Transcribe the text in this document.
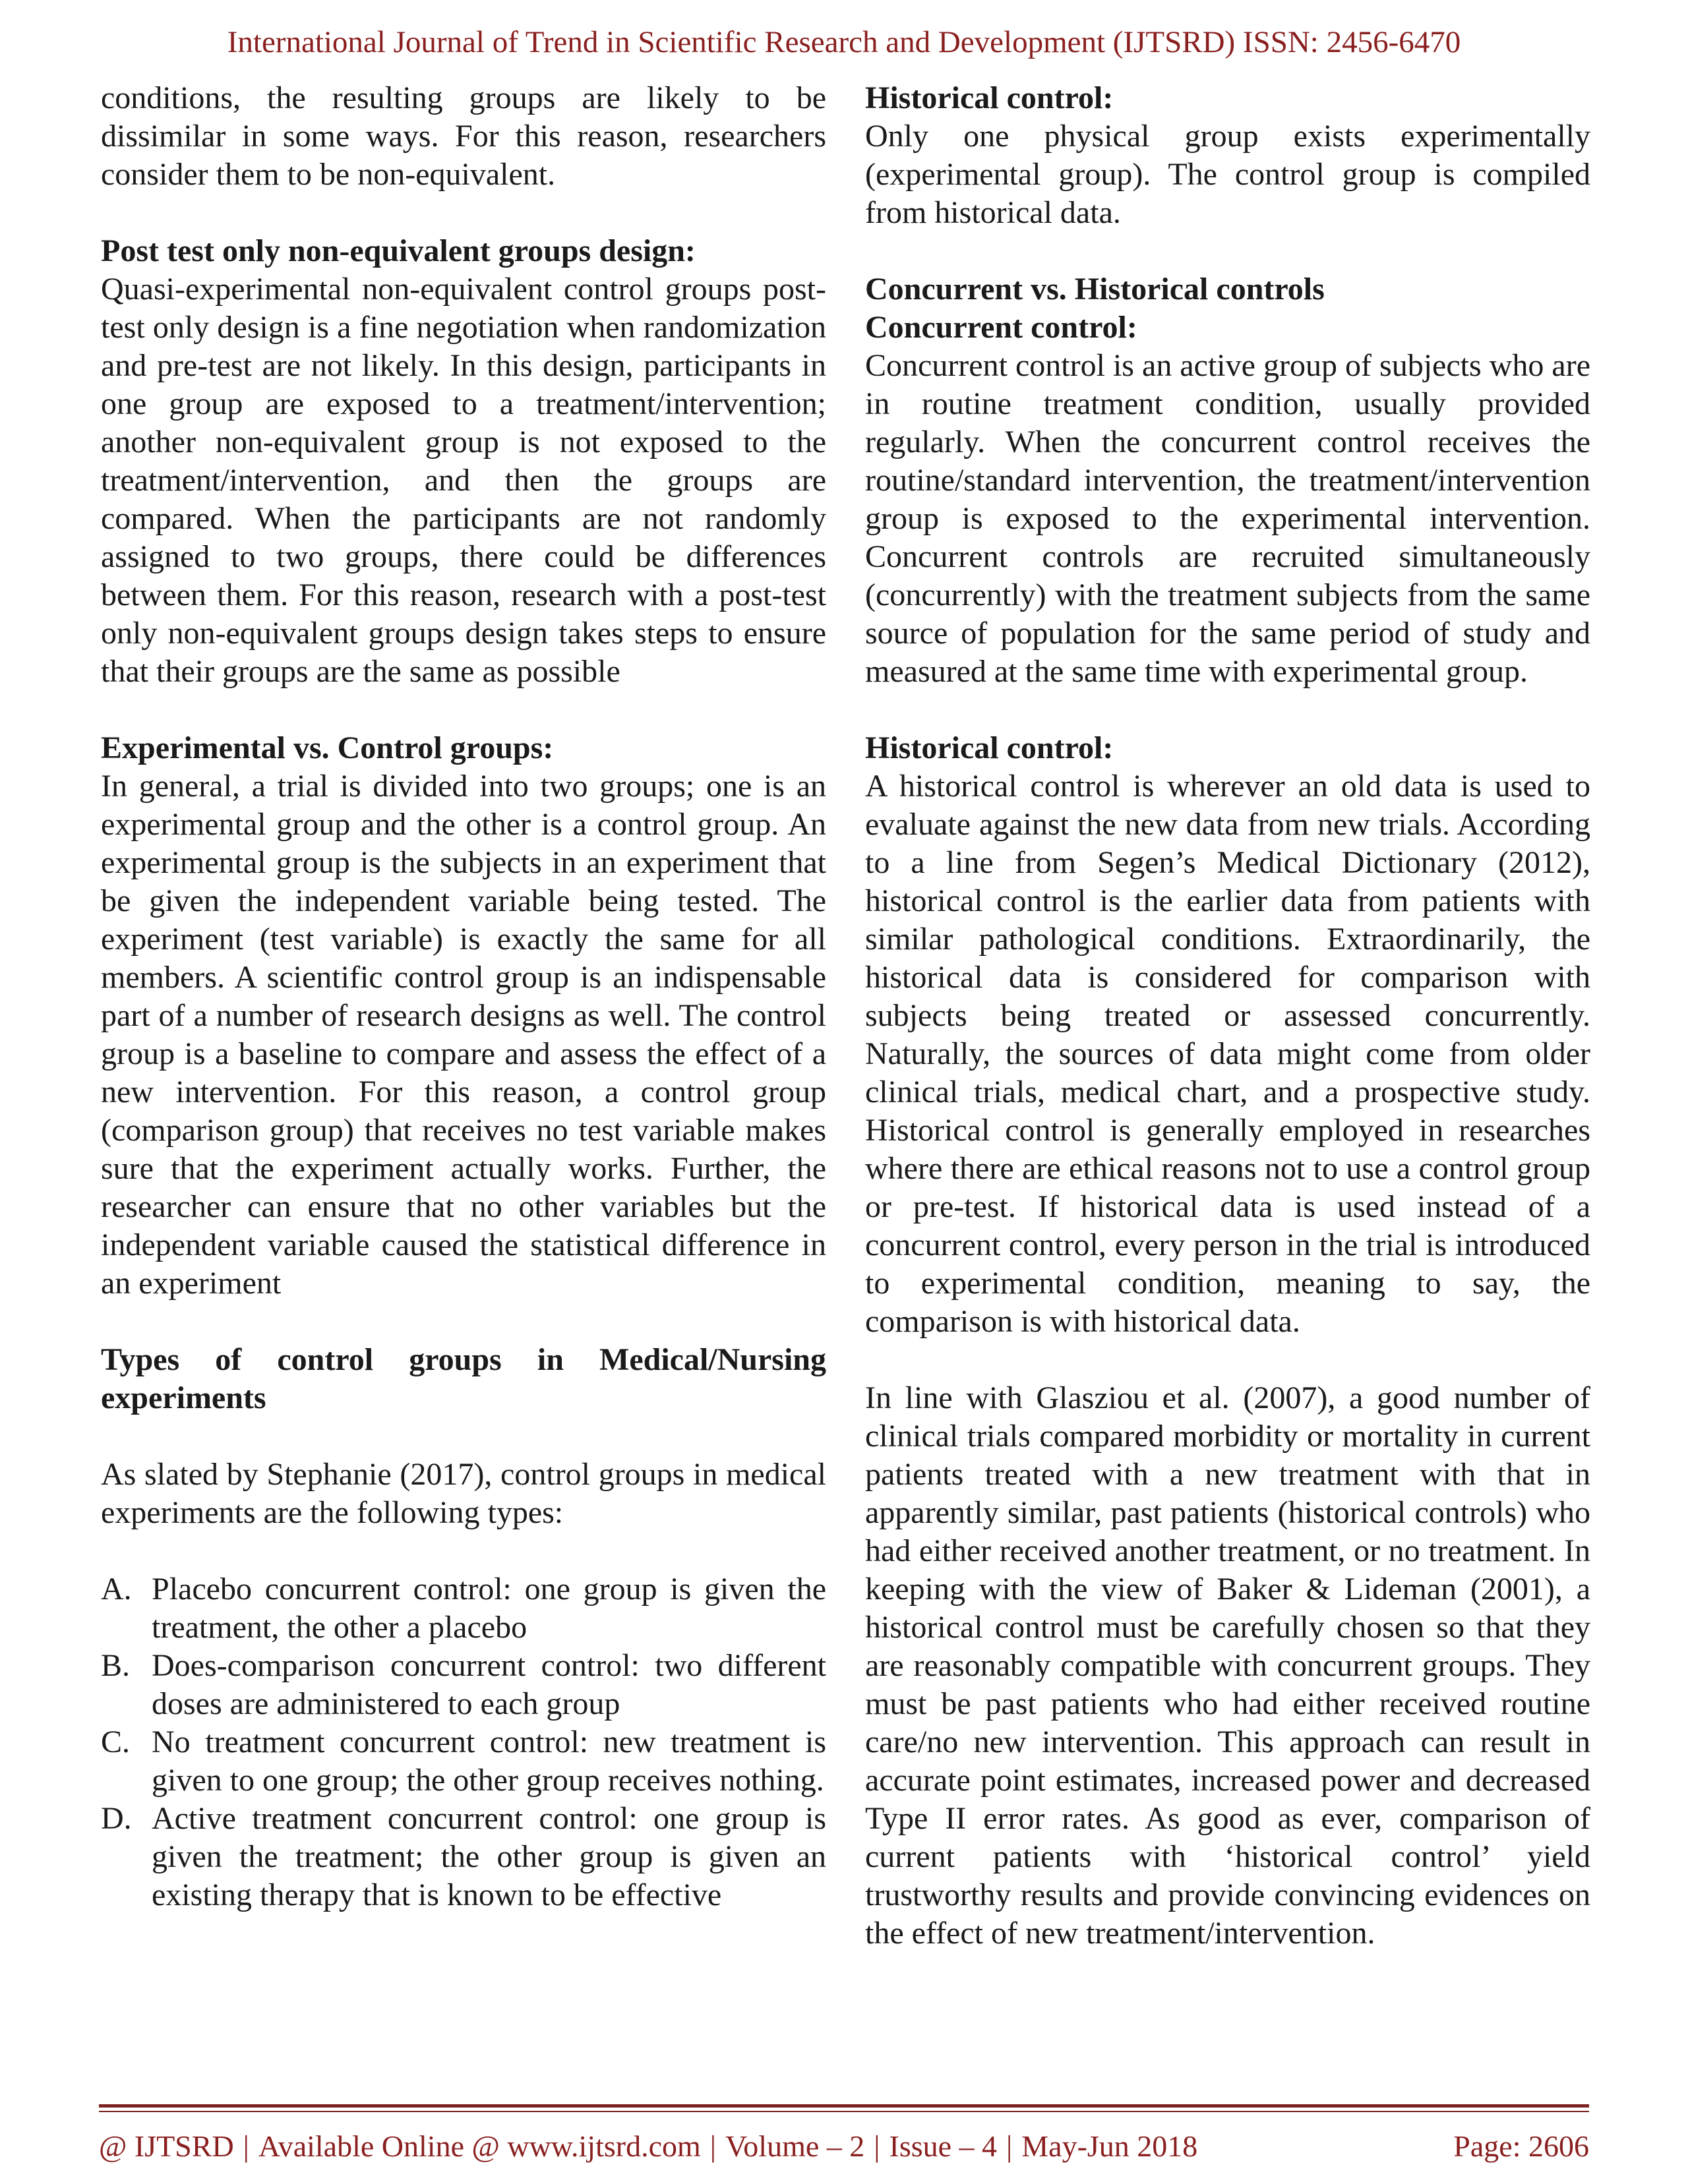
International Journal of Trend in Scientific Research and Development (IJTSRD) ISSN: 2456-6470

conditions, the resulting groups are likely to be dissimilar in some ways. For this reason, researchers consider them to be non-equivalent.

Post test only non-equivalent groups design:

Quasi-experimental non-equivalent control groups post-test only design is a fine negotiation when randomization and pre-test are not likely. In this design, participants in one group are exposed to a treatment/intervention; another non-equivalent group is not exposed to the treatment/intervention, and then the groups are compared. When the participants are not randomly assigned to two groups, there could be differences between them. For this reason, research with a post-test only non-equivalent groups design takes steps to ensure that their groups are the same as possible

Experimental vs. Control groups:

In general, a trial is divided into two groups; one is an experimental group and the other is a control group. An experimental group is the subjects in an experiment that be given the independent variable being tested. The experiment (test variable) is exactly the same for all members. A scientific control group is an indispensable part of a number of research designs as well. The control group is a baseline to compare and assess the effect of a new intervention. For this reason, a control group (comparison group) that receives no test variable makes sure that the experiment actually works. Further, the researcher can ensure that no other variables but the independent variable caused the statistical difference in an experiment

Types of control groups in Medical/Nursing experiments

As slated by Stephanie (2017), control groups in medical experiments are the following types:

A. Placebo concurrent control: one group is given the treatment, the other a placebo
B. Does-comparison concurrent control: two different doses are administered to each group
C. No treatment concurrent control: new treatment is given to one group; the other group receives nothing.
D. Active treatment concurrent control: one group is given the treatment; the other group is given an existing therapy that is known to be effective

Historical control:

Only one physical group exists experimentally (experimental group). The control group is compiled from historical data.

Concurrent vs. Historical controls

Concurrent control:

Concurrent control is an active group of subjects who are in routine treatment condition, usually provided regularly. When the concurrent control receives the routine/standard intervention, the treatment/intervention group is exposed to the experimental intervention. Concurrent controls are recruited simultaneously (concurrently) with the treatment subjects from the same source of population for the same period of study and measured at the same time with experimental group.

Historical control:

A historical control is wherever an old data is used to evaluate against the new data from new trials. According to a line from Segen’s Medical Dictionary (2012), historical control is the earlier data from patients with similar pathological conditions. Extraordinarily, the historical data is considered for comparison with subjects being treated or assessed concurrently. Naturally, the sources of data might come from older clinical trials, medical chart, and a prospective study. Historical control is generally employed in researches where there are ethical reasons not to use a control group or pre-test. If historical data is used instead of a concurrent control, every person in the trial is introduced to experimental condition, meaning to say, the comparison is with historical data.

In line with Glasziou et al. (2007), a good number of clinical trials compared morbidity or mortality in current patients treated with a new treatment with that in apparently similar, past patients (historical controls) who had either received another treatment, or no treatment. In keeping with the view of Baker & Lideman (2001), a historical control must be carefully chosen so that they are reasonably compatible with concurrent groups. They must be past patients who had either received routine care/no new intervention. This approach can result in accurate point estimates, increased power and decreased Type II error rates. As good as ever, comparison of current patients with ‘historical control’ yield trustworthy results and provide convincing evidences on the effect of new treatment/intervention.

@ IJTSRD | Available Online @ www.ijtsrd.com | Volume – 2 | Issue – 4 | May-Jun 2018	Page: 2606
